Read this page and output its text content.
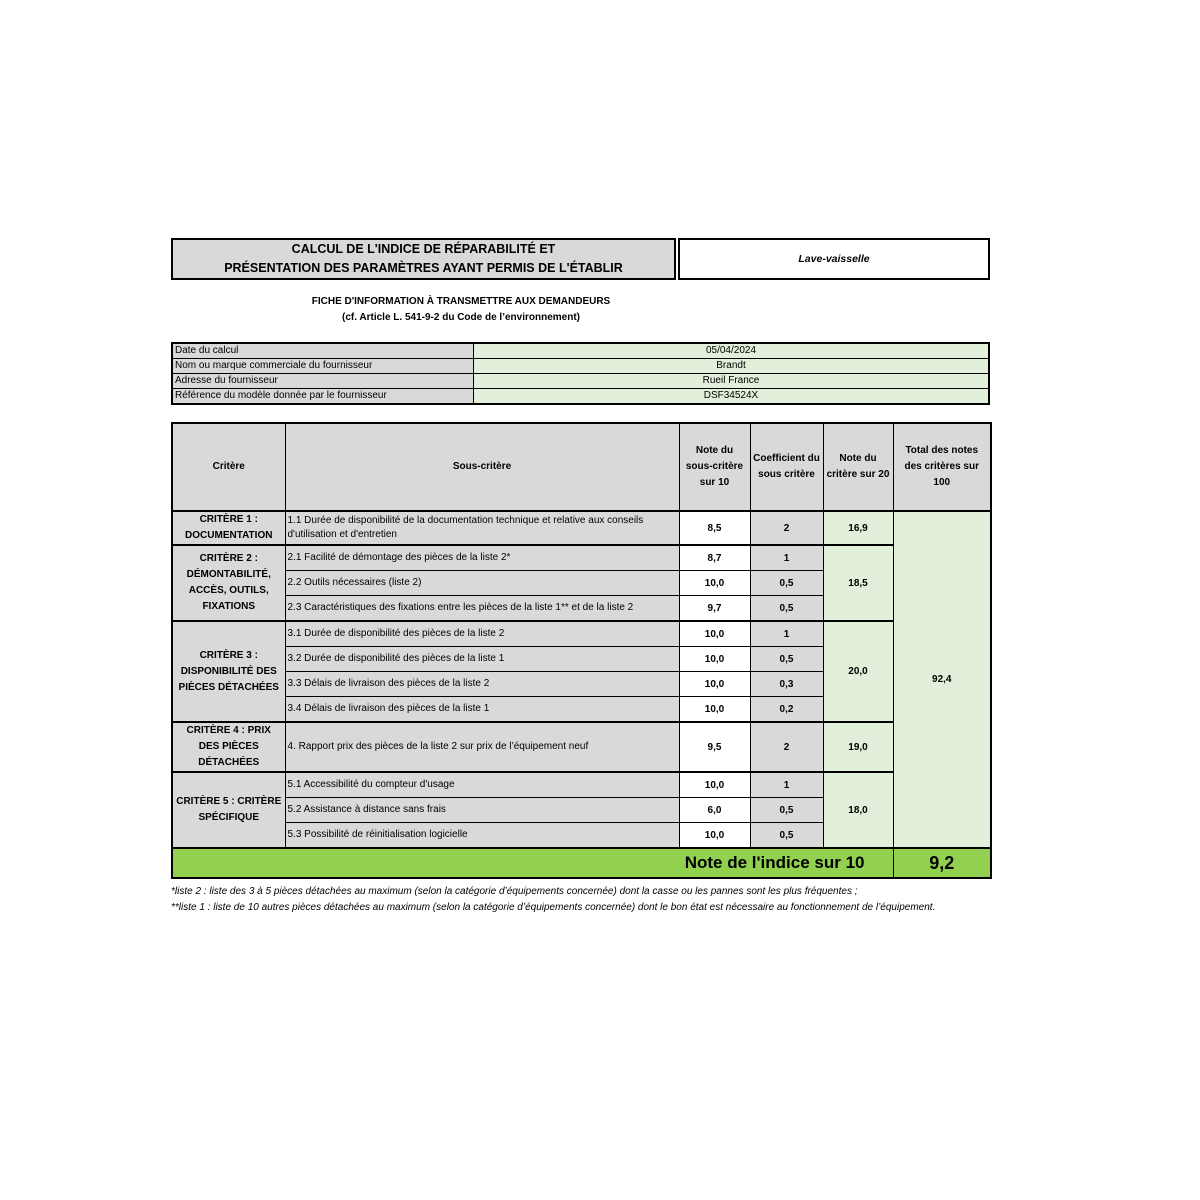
CALCUL DE L'INDICE DE RÉPARABILITÉ ET
PRÉSENTATION DES PARAMÈTRES AYANT PERMIS DE L'ÉTABLIR
Lave-vaisselle
FICHE D'INFORMATION À TRANSMETTRE AUX DEMANDEURS
(cf. Article L. 541-9-2 du Code de l’environnement)
Date du calcul	05/04/2024
Nom ou marque commerciale du fournisseur	Brandt
Adresse du fournisseur	Rueil France
Référence du modèle donnée par le fournisseur	DSF34524X
Critère	Sous-critère	Note du sous-critère sur 10	Coefficient du sous critère	Note du critère sur 20	Total des notes des critères sur 100
CRITÈRE 1 : DOCUMENTATION	1.1 Durée de disponibilité de la documentation technique et relative aux conseils d'utilisation et d'entretien	8,5	2	16,9	92,4
CRITÈRE 2 : DÉMONTABILITÉ, ACCÈS, OUTILS, FIXATIONS	2.1 Facilité de démontage des pièces de la liste 2*	8,7	1	18,5	
	2.2 Outils nécessaires (liste 2)	10,0	0,5		
	2.3 Caractéristiques des fixations entre les pièces de la liste 1** et de la liste 2	9,7	0,5		
CRITÈRE 3 : DISPONIBILITÉ DES PIÈCES DÉTACHÉES	3.1 Durée de disponibilité des pièces de la liste 2	10,0	1	20,0	
	3.2 Durée de disponibilité des pièces de la liste 1	10,0	0,5		
	3.3 Délais de livraison des pièces de la liste 2	10,0	0,3		
	3.4 Délais de livraison des pièces de la liste 1	10,0	0,2		
CRITÈRE 4 : PRIX DES PIÈCES DÉTACHÉES	4. Rapport prix des pièces de la liste 2 sur prix de l’équipement neuf	9,5	2	19,0	
CRITÈRE 5 : CRITÈRE SPÉCIFIQUE	5.1 Accessibilité du compteur d'usage	10,0	1	18,0	
	5.2 Assistance à distance sans frais	6,0	0,5		
	5.3 Possibilité de réinitialisation logicielle	10,0	0,5		
Note de l'indice sur 10					9,2
*liste 2 : liste des 3 à 5 pièces détachées au maximum (selon la catégorie d’équipements concernée) dont la casse ou les pannes sont les plus fréquentes ;
**liste 1 : liste de 10 autres pièces détachées au maximum (selon la catégorie d’équipements concernée) dont le bon état est nécessaire au fonctionnement de l’équipement.
